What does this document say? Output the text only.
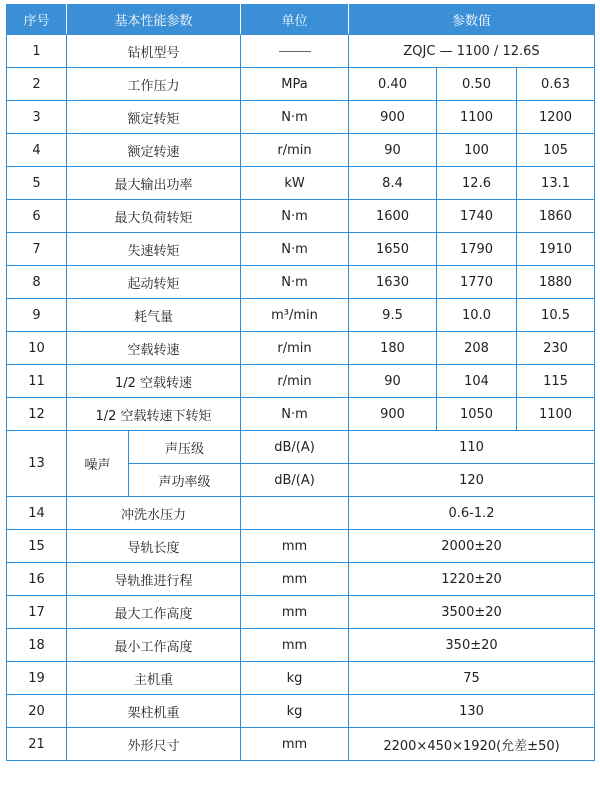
序号	基本性能参数		单位	参数值		
1	钻机型号			ZQJC — 1100 / 12.6S		
2	工作压力		MPa	0.40	0.50	0.63
3	额定转矩		N·m	900	1100	1200
4	额定转速		r/min	90	100	105
5	最大输出功率		kW	8.4	12.6	13.1
6	最大负荷转矩		N·m	1600	1740	1860
7	失速转矩		N·m	1650	1790	1910
8	起动转矩		N·m	1630	1770	1880
9	耗气量		m³/min	9.5	10.0	10.5
10	空载转速		r/min	180	208	230
11	1/2 空载转速		r/min	90	104	115
12	1/2 空载转速下转矩		N·m	900	1050	1100
13	噪声	声压级	dB/(A)	110		
		声功率级	dB/(A)	120		
14	冲洗水压力			0.6-1.2		
15	导轨长度		mm	2000±20		
16	导轨推进行程		mm	1220±20		
17	最大工作高度		mm	3500±20		
18	最小工作高度		mm	350±20		
19	主机重		kg	75		
20	架柱机重		kg	130		
21	外形尺寸		mm	2200×450×1920(允差±50)		
